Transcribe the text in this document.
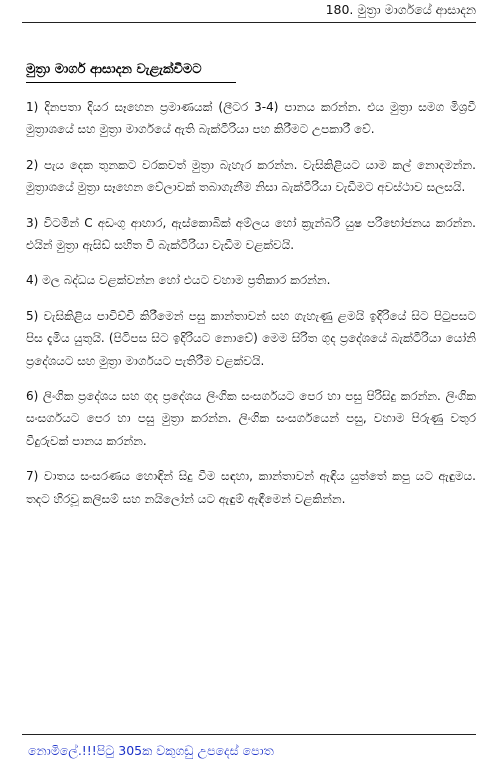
180. මුත්‍රා මාර්ගයේ ආසාදන
මුත්‍රා මාර්ග ආසාදන වැළැක්වීමට

1) දිනපතා දියර සෑහෙන ප්‍රමාණයක් (ලීටර 3-4) පානය කරන්න. එය මුත්‍රා සමග මිශ්‍රවී මුත්‍රාශයේ සහ මුත්‍රා මාර්ගයේ ඇති බැක්ටීරියා පහ කිරීමට උපකාරී වේ.

2) පැය දෙක තුනකට වරකවත් මුත්‍රා බැහැර කරන්න. වැසිකිළියට යාම කල් නොදමන්න. මුත්‍රාශයේ මුත්‍රා සෑහෙන වේලාවක් තබාගැනීම නිසා බැක්ටීරියා වැඩීමට අවස්ථාව සලසයි.

3) විටමින් C අඩංගු ආහාර, ඇස්කොබික් අම්ලය හෝ ක්‍රැන්බරි යුෂ පරිභෝජනය කරන්න. එයින් මුත්‍රා ඇසිඩ් සහිත වී බැක්ටීරියා වැඩීම වළක්වයි.

4) මල බද්ධය වළක්වන්න හෝ එයට වහාම ප්‍රතිකාර කරන්න.

5) වැසිකිළිය පාවිච්චි කිරීමෙන් පසු කාන්තාවන් සහ ගැහැණු ළමයි ඉදිරියේ සිට පිටුපසට පිස දැමිය යුතුයි. (පිටිපස සිට ඉදිරියට නොවේ) මෙම සිරිත ගුද ප්‍රදේශයේ බැක්ටීරියා යෝනි ප්‍රදේශයට සහ මුත්‍රා මාර්ගයට පැතිරීම වළක්වයි.

6) ලිංගික ප්‍රදේශය සහ ගුද ප්‍රදේශය ලිංගික සංසර්ගයට පෙර හා පසු පිරිසිදු කරන්න. ලිංගික සංසර්ගයට පෙර හා පසු මුත්‍රා කරන්න. ලිංගික සංසර්ගයෙන් පසු, වහාම පිරුණු වතුර වීදුරුවක් පානය කරන්න.

7) වාතය සංසරණය හොඳින් සිදු වීම සඳහා, කාන්තාවන් ඇඳිය යුත්තේ කපු යට ඇඳුමය. තදට හිරවූ කලිසම් සහ නයිලෝන් යට ඇඳුම් ඇඳීමෙන් වළකින්න.

නොමිලේ.!!!පිටු 305ක වකුගඩු උපදෙස් පොත
